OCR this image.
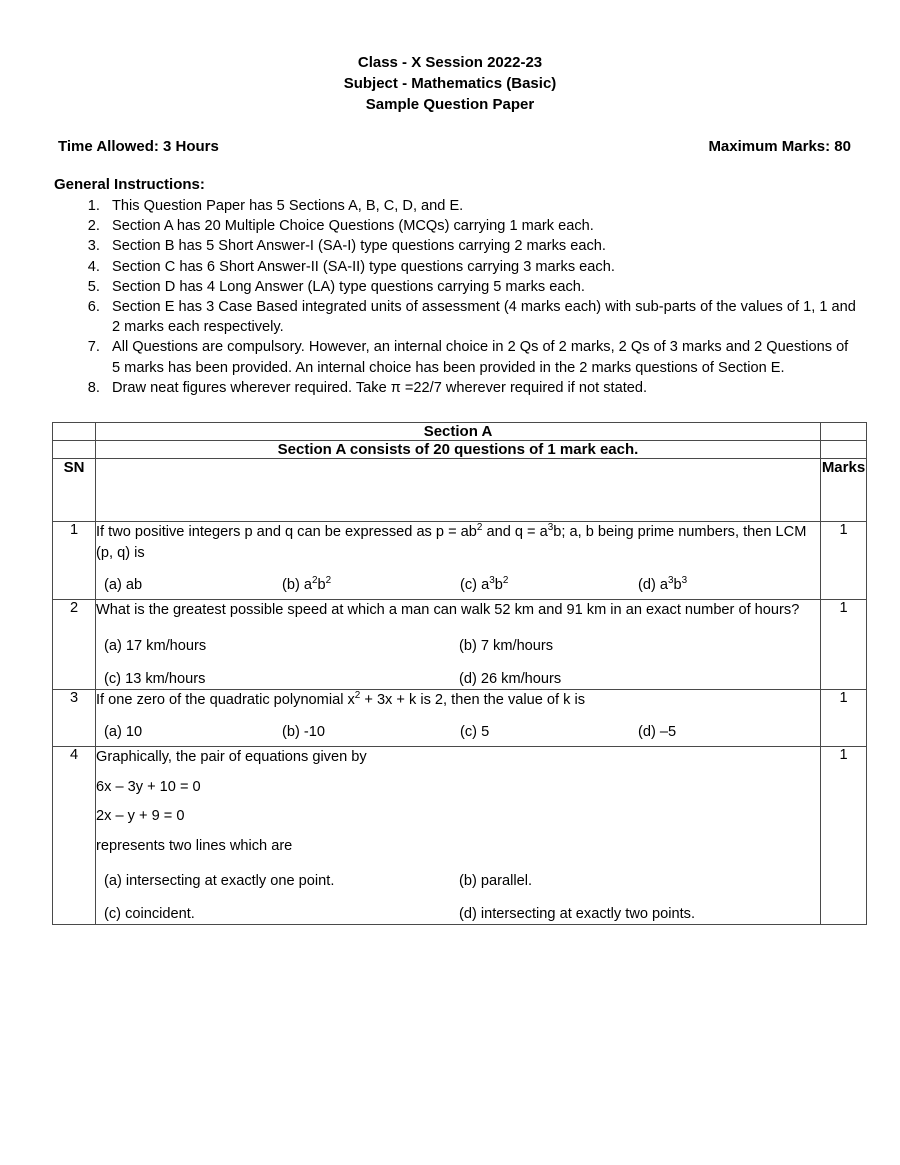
Class - X Session 2022-23
Subject - Mathematics (Basic)
Sample Question Paper
Time Allowed: 3 Hours	Maximum Marks: 80
General Instructions:
1. This Question Paper has 5 Sections A, B, C, D, and E.
2. Section A has 20 Multiple Choice Questions (MCQs) carrying 1 mark each.
3. Section B has 5 Short Answer-I (SA-I) type questions carrying 2 marks each.
4. Section C has 6 Short Answer-II (SA-II) type questions carrying 3 marks each.
5. Section D has 4 Long Answer (LA) type questions carrying 5 marks each.
6. Section E has 3 Case Based integrated units of assessment (4 marks each) with sub-parts of the values of 1, 1 and 2 marks each respectively.
7. All Questions are compulsory. However, an internal choice in 2 Qs of 2 marks, 2 Qs of 3 marks and 2 Questions of 5 marks has been provided. An internal choice has been provided in the 2 marks questions of Section E.
8. Draw neat figures wherever required. Take π =22/7 wherever required if not stated.
	Section A	
	Section A consists of 20 questions of 1 mark each.	
SN		Marks
1	If two positive integers p and q can be expressed as $p = ab^2$ and $q = a^3b$; a, b being prime numbers, then LCM (p, q) is
(a) ab (b) $a^2b^2$ (c) $a^3b^2$ (d) $a^3b^3$	1
2	What is the greatest possible speed at which a man can walk 52 km and 91 km in an exact number of hours?
(a) 17 km/hours (b) 7 km/hours
(c) 13 km/hours (d) 26 km/hours	1
3	If one zero of the quadratic polynomial $x^2 + 3x + k$ is 2, then the value of k is
(a) 10 (b) -10 (c) 5 (d) –5	1
4	Graphically, the pair of equations given by
6x – 3y + 10 = 0
2x – y + 9 = 0
represents two lines which are
(a) intersecting at exactly one point.	(b) parallel.
(c) coincident.	(d) intersecting at exactly two points.
	1
